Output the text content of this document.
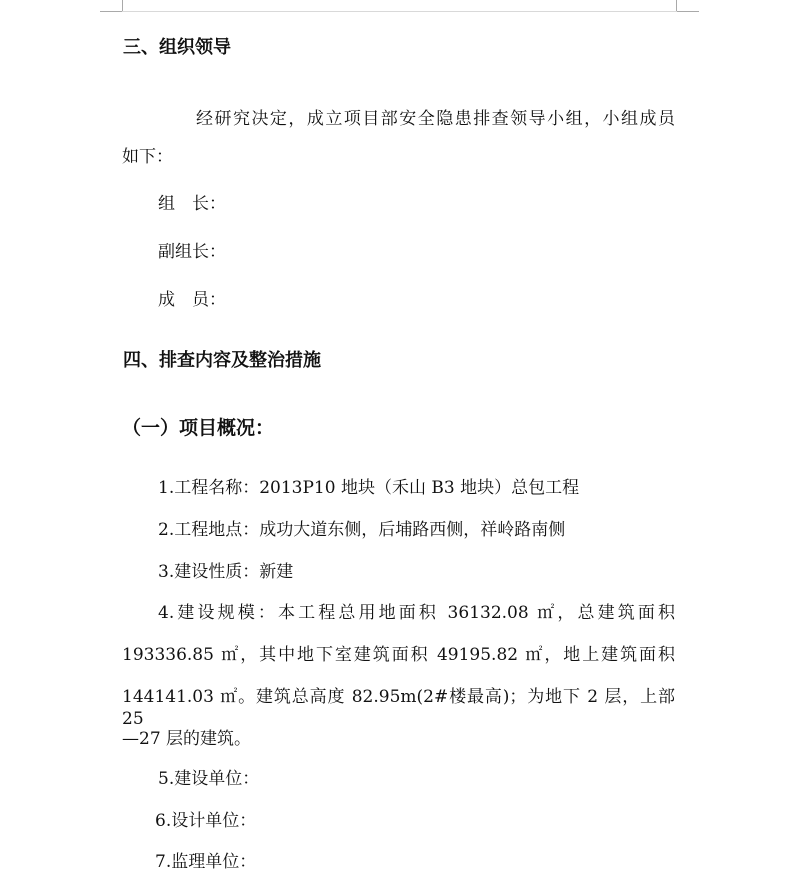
三、组织领导
经研究决定，成立项目部安全隐患排查领导小组，小组成员
如下：
组　长：
副组长：
成　员：
四、排查内容及整治措施
（一）项目概况：
1.工程名称：2013P10 地块（禾山 B3 地块）总包工程
2.工程地点：成功大道东侧，后埔路西侧，祥岭路南侧
3.建设性质：新建
4.建设规模：本工程总用地面积 36132.08 ㎡，总建筑面积
193336.85 ㎡，其中地下室建筑面积 49195.82 ㎡，地上建筑面积
144141.03 ㎡。建筑总高度 82.95m(2#楼最高)；为地下 2 层，上部 25
—27 层的建筑。
5.建设单位：
6.设计单位：
7.监理单位：
